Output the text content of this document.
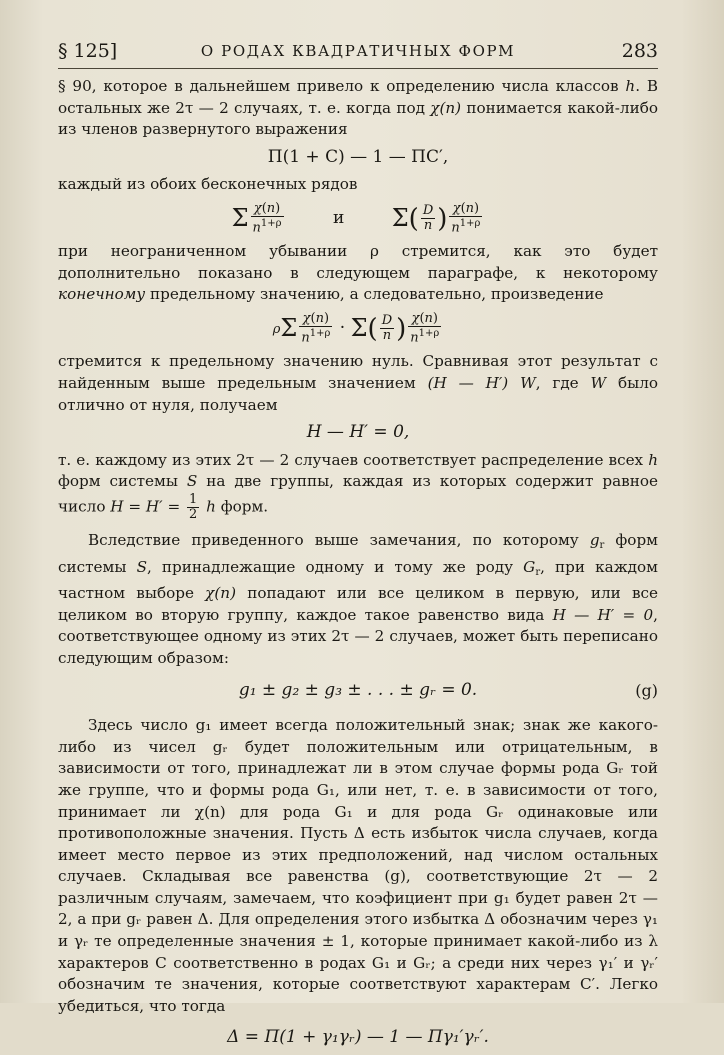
§ 125]	О РОДАХ КВАДРАТИЧНЫХ ФОРМ	283

§ 90, которое в дальнейшем привело к определению числа классов h. В остальных же 2τ — 2 случаях, т. е. когда под χ(n) понимается какой-либо из членов развернутого выражения

Π(1 + C) — 1 — ΠC′,

каждый из обоих бесконечных рядов

Σ $\frac{\chi(n)}{n^{1+\rho}}$	и $\Sigma( \frac{D}{n}$ ) $\frac{\chi(n)}{n^{1+\rho}}$

при неограниченном убывании ρ стремится, как это будет дополнительно показано в следующем параграфе, к некоторому конечному предельному значению, а следовательно, произведение

ρΣ $\frac{\chi(n)}{n^{1+\rho}} \cdot \Sigma( \frac{D}{n}$ ) $\frac{\chi(n)}{n^{1+\rho}}$

стремится к предельному значению нуль. Сравнивая этот результат с найденным выше предельным значением (H — H′) W, где W было отлично от нуля, получаем

H — H′ = 0,

т. е. каждому из этих 2τ — 2 случаев соответствует распределение всех h форм системы S на две группы, каждая из которых содержит равное число $H = H' = \frac{1}{2}$ h форм.

Вследствие приведенного выше замечания, по которому $g_r$ форм системы S, принадлежащие одному и тому же роду $G_r$, при каждом частном выборе χ(n) попадают или все целиком в первую, или все целиком во вторую группу, каждое такое равенство вида H — H′ = 0, соответствующее одному из этих 2τ — 2 случаев, может быть переписано следующим образом:

g₁ ± g₂ ± g₃ ± . . . ± gᵣ = 0.	(g)

Здесь число g₁ имеет всегда положительный знак; знак же какого-либо из чисел gᵣ будет положительным или отрицательным, в зависимости от того, принадлежат ли в этом случае формы рода Gᵣ той же группе, что и формы рода G₁, или нет, т. е. в зависимости от того, принимает ли χ(n) для рода G₁ и для рода Gᵣ одинаковые или противоположные значения. Пусть Δ есть избыток числа случаев, когда имеет место первое из этих предположений, над числом остальных случаев. Складывая все равенства (g), соответствующие 2τ — 2 различным случаям, замечаем, что коэфициент при g₁ будет равен 2τ — 2, а при gᵣ равен Δ. Для определения этого избытка Δ обозначим через γ₁ и γᵣ те определенные значения ± 1, которые принимает какой-либо из λ характеров C соответственно в родах G₁ и Gᵣ; а среди них через γ₁′ и γᵣ′ обозначим те значения, которые соответствуют характерам C′. Легко убедиться, что тогда

Δ = Π(1 + γ₁γᵣ) — 1 — Πγ₁′γᵣ′.
